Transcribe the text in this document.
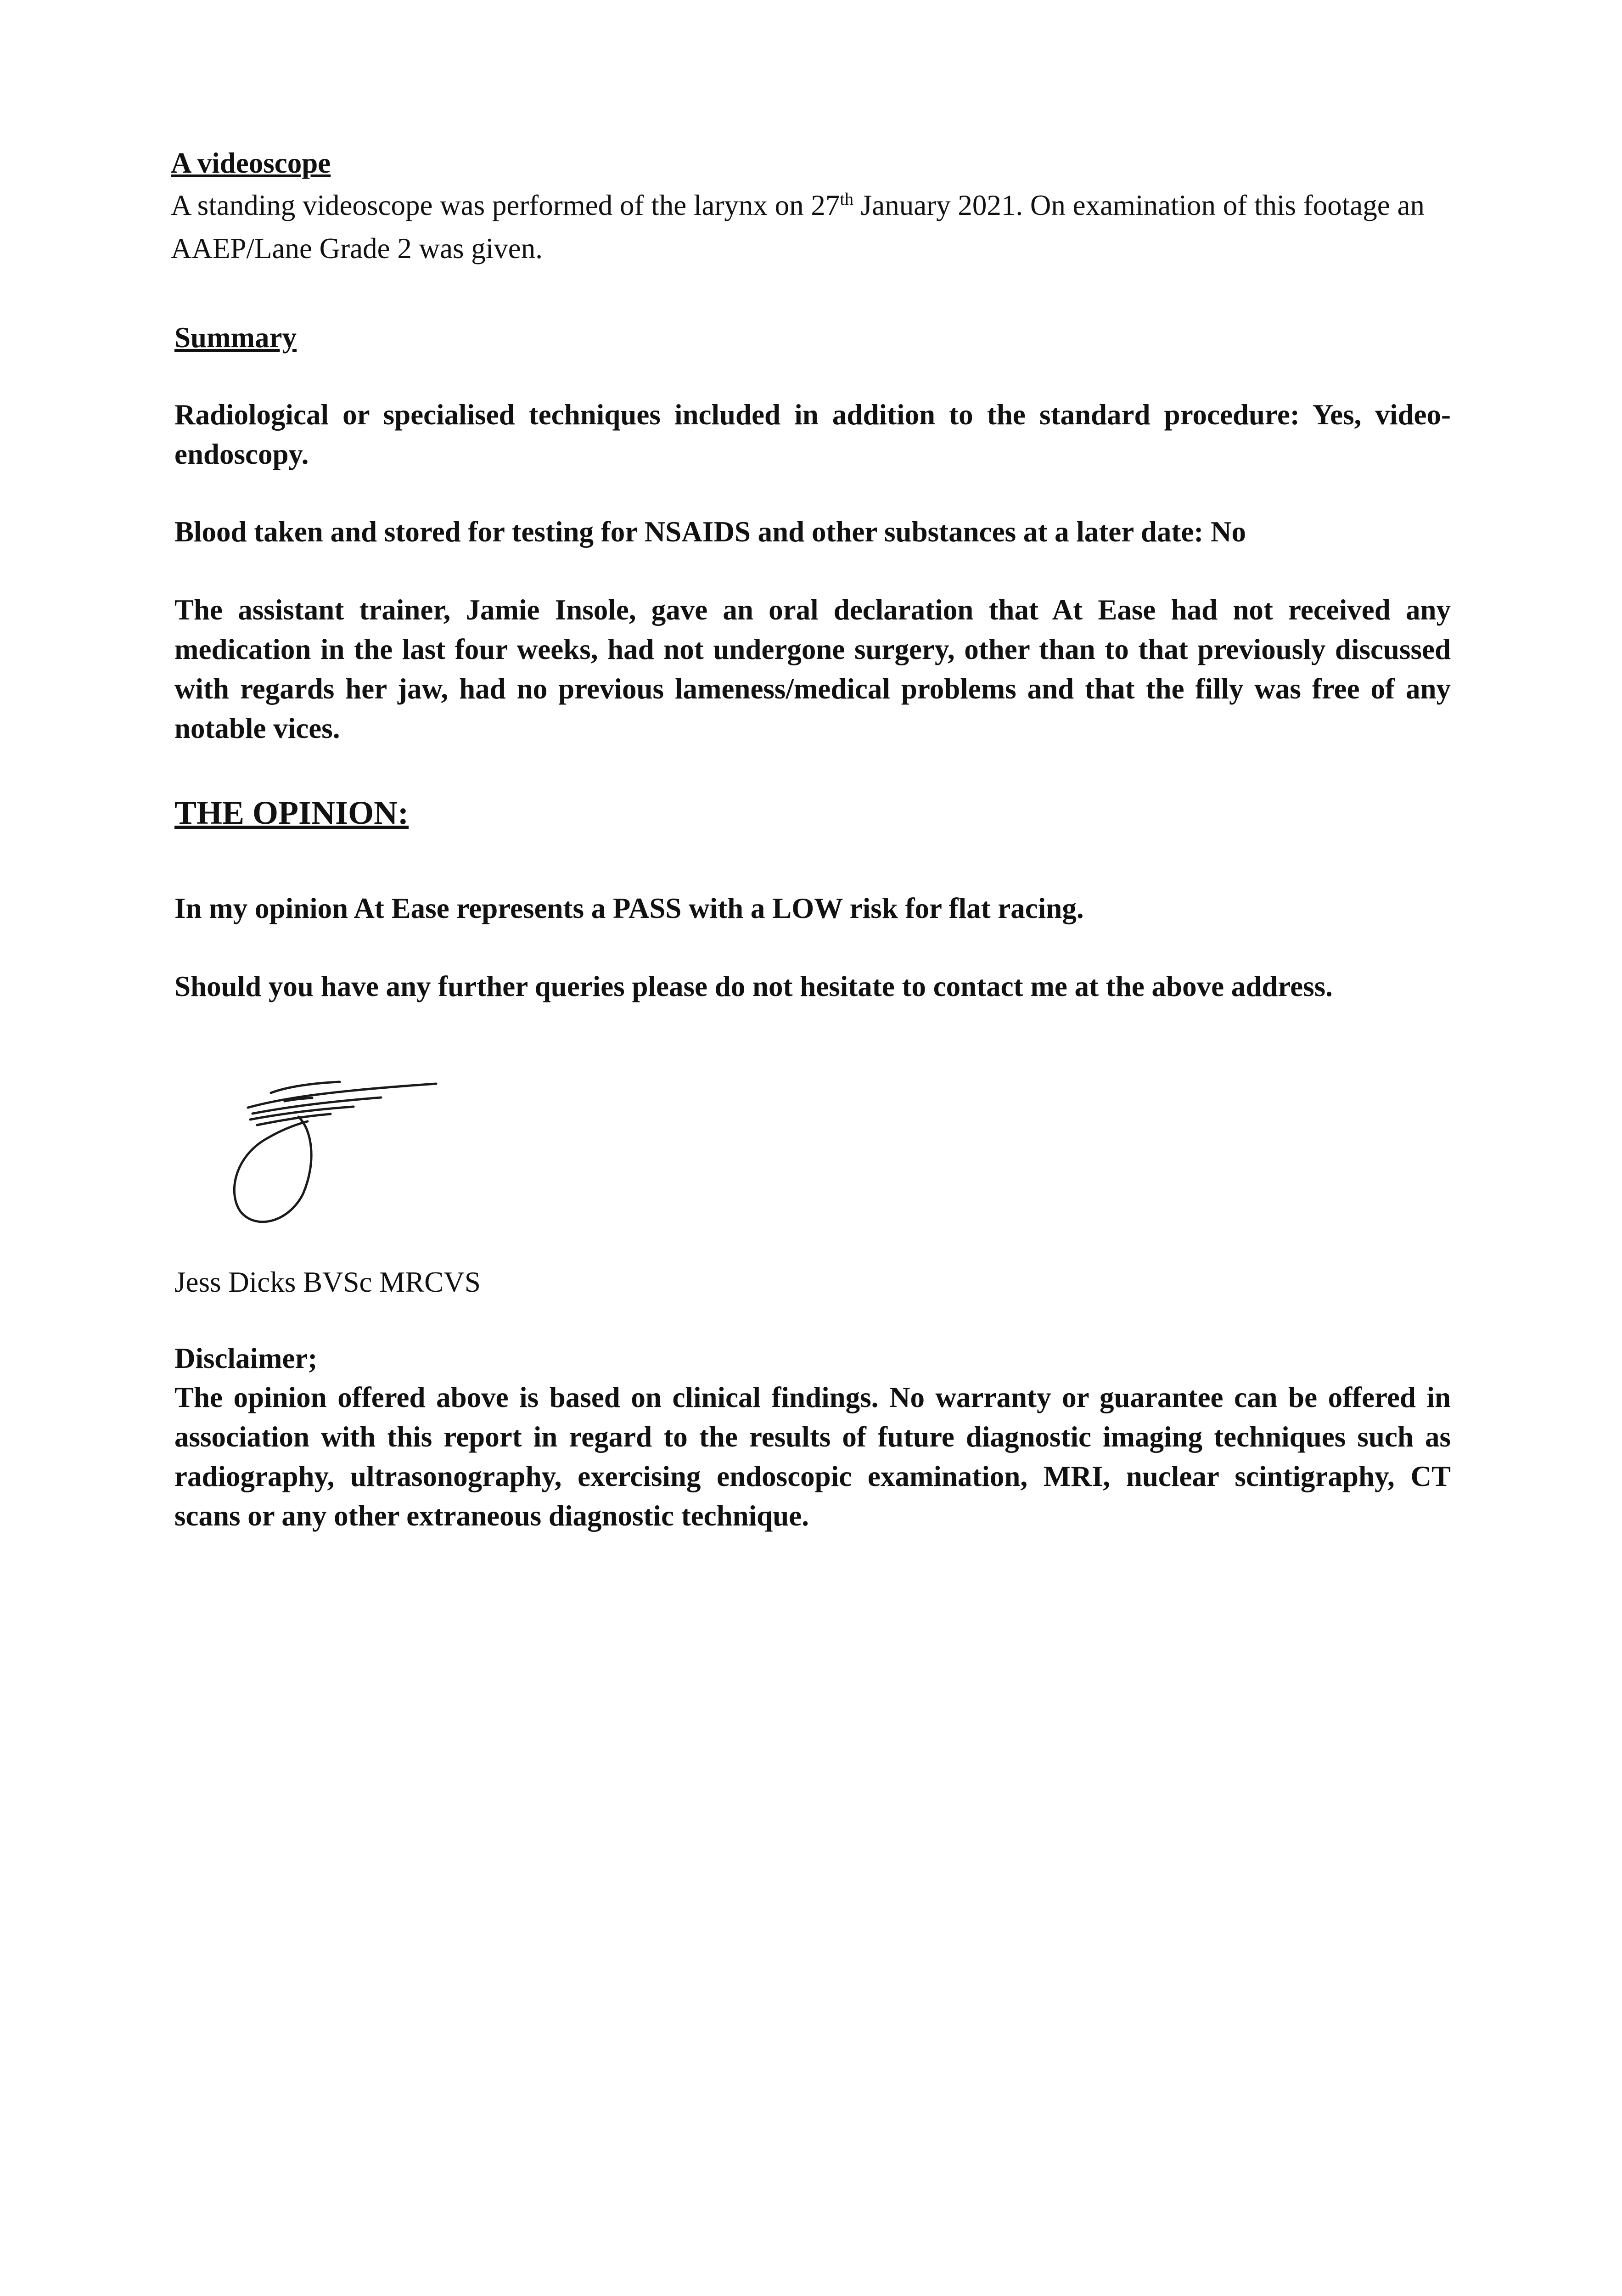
A videoscope
A standing videoscope was performed of the larynx on 27th January 2021. On examination of this footage an AAEP/Lane Grade 2 was given.
Summary
Radiological or specialised techniques included in addition to the standard procedure: Yes, video-endoscopy.
Blood taken and stored for testing for NSAIDS and other substances at a later date: No
The assistant trainer, Jamie Insole, gave an oral declaration that At Ease had not received any medication in the last four weeks, had not undergone surgery, other than to that previously discussed with regards her jaw, had no previous lameness/medical problems and that the filly was free of any notable vices.
THE OPINION:
In my opinion At Ease represents a PASS with a LOW risk for flat racing.
Should you have any further queries please do not hesitate to contact me at the above address.
Jess Dicks BVSc MRCVS
Disclaimer;
The opinion offered above is based on clinical findings. No warranty or guarantee can be offered in association with this report in regard to the results of future diagnostic imaging techniques such as radiography, ultrasonography, exercising endoscopic examination, MRI, nuclear scintigraphy, CT scans or any other extraneous diagnostic technique.
